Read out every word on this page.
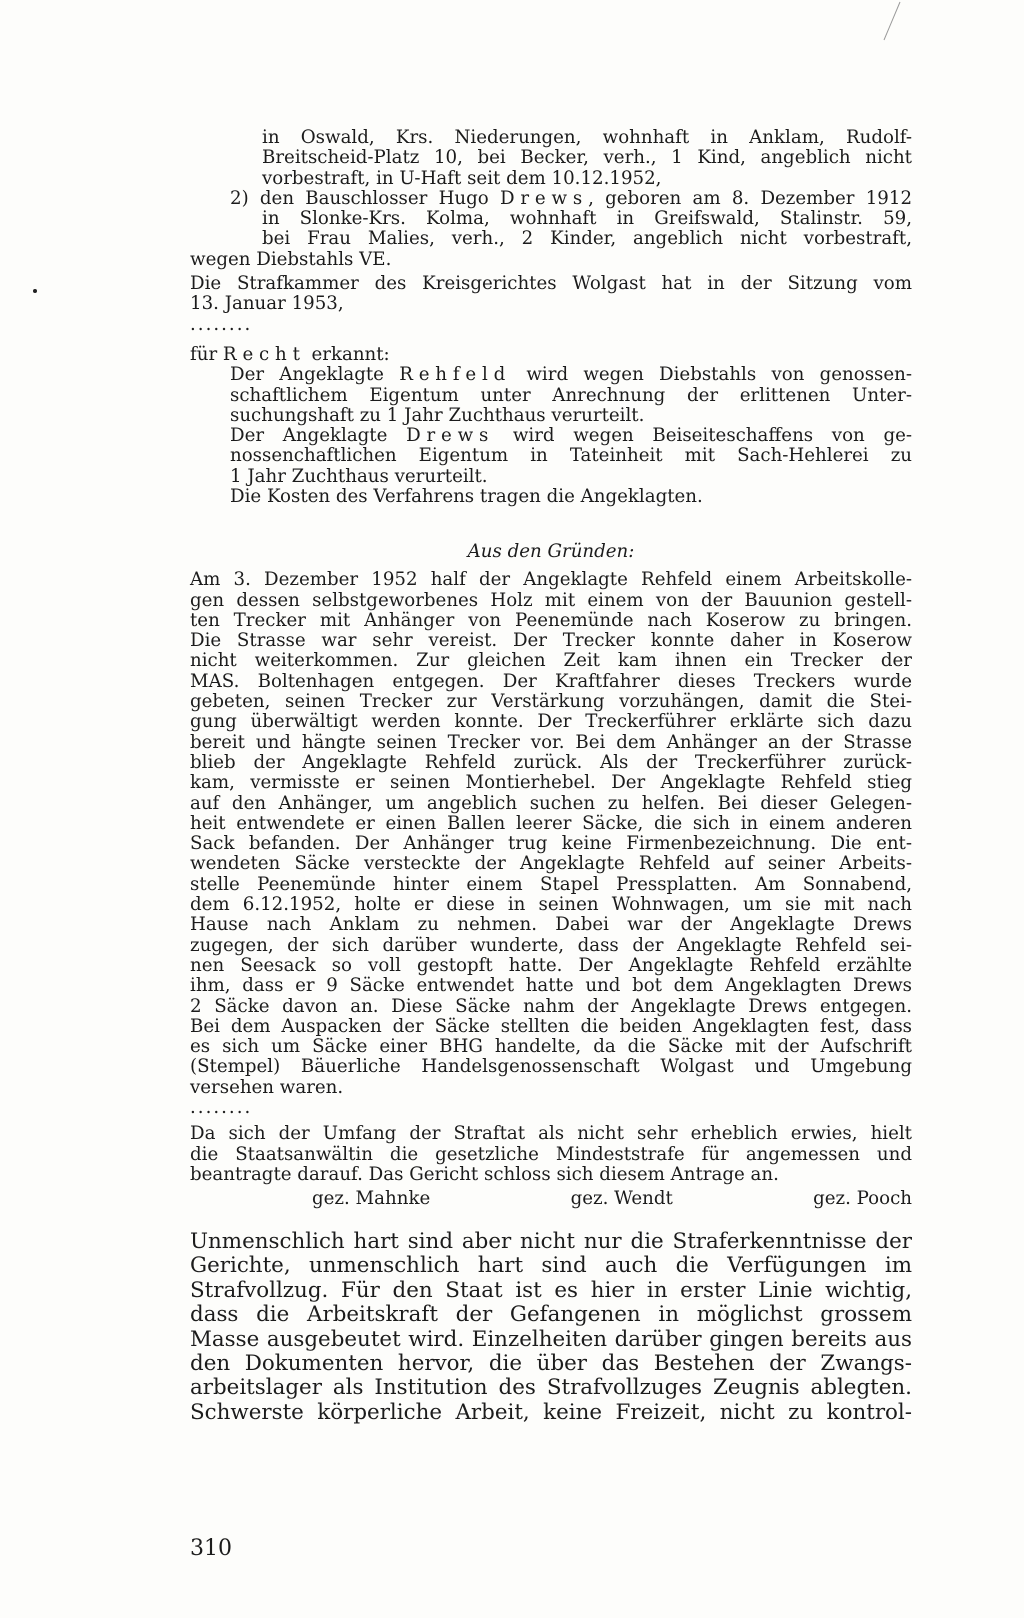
in Oswald, Krs. Niederungen, wohnhaft in Anklam, Rudolf-
Breitscheid-Platz 10, bei Becker, verh., 1 Kind, angeblich nicht
vorbestraft, in U-Haft seit dem 10.12.1952,
2) den Bauschlosser Hugo Drews, geboren am 8. Dezember 1912
in Slonke-Krs. Kolma, wohnhaft in Greifswald, Stalinstr. 59,
bei Frau Malies, verh., 2 Kinder, angeblich nicht vorbestraft,
wegen Diebstahls VE.
Die Strafkammer des Kreisgerichtes Wolgast hat in der Sitzung vom
13. Januar 1953,
........
für Recht erkannt:
Der Angeklagte Rehfeld wird wegen Diebstahls von genossen-
schaftlichem Eigentum unter Anrechnung der erlittenen Unter-
suchungshaft zu 1 Jahr Zuchthaus verurteilt.
Der Angeklagte Drews wird wegen Beiseiteschaffens von ge-
nossenchaftlichen Eigentum in Tateinheit mit Sach-Hehlerei zu
1 Jahr Zuchthaus verurteilt.
Die Kosten des Verfahrens tragen die Angeklagten.

Aus den Gründen:

Am 3. Dezember 1952 half der Angeklagte Rehfeld einem Arbeitskolle-
gen dessen selbstgeworbenes Holz mit einem von der Bauunion gestell-
ten Trecker mit Anhänger von Peenemünde nach Koserow zu bringen.
Die Strasse war sehr vereist. Der Trecker konnte daher in Koserow
nicht weiterkommen. Zur gleichen Zeit kam ihnen ein Trecker der
MAS. Boltenhagen entgegen. Der Kraftfahrer dieses Treckers wurde
gebeten, seinen Trecker zur Verstärkung vorzuhängen, damit die Stei-
gung überwältigt werden konnte. Der Treckerführer erklärte sich dazu
bereit und hängte seinen Trecker vor. Bei dem Anhänger an der Strasse
blieb der Angeklagte Rehfeld zurück. Als der Treckerführer zurück-
kam, vermisste er seinen Montierhebel. Der Angeklagte Rehfeld stieg
auf den Anhänger, um angeblich suchen zu helfen. Bei dieser Gelegen-
heit entwendete er einen Ballen leerer Säcke, die sich in einem anderen
Sack befanden. Der Anhänger trug keine Firmenbezeichnung. Die ent-
wendeten Säcke versteckte der Angeklagte Rehfeld auf seiner Arbeits-
stelle Peenemünde hinter einem Stapel Pressplatten. Am Sonnabend,
dem 6.12.1952, holte er diese in seinen Wohnwagen, um sie mit nach
Hause nach Anklam zu nehmen. Dabei war der Angeklagte Drews
zugegen, der sich darüber wunderte, dass der Angeklagte Rehfeld sei-
nen Seesack so voll gestopft hatte. Der Angeklagte Rehfeld erzählte
ihm, dass er 9 Säcke entwendet hatte und bot dem Angeklagten Drews
2 Säcke davon an. Diese Säcke nahm der Angeklagte Drews entgegen.
Bei dem Auspacken der Säcke stellten die beiden Angeklagten fest, dass
es sich um Säcke einer BHG handelte, da die Säcke mit der Aufschrift
(Stempel) Bäuerliche Handelsgenossenschaft Wolgast und Umgebung
versehen waren.
........
Da sich der Umfang der Straftat als nicht sehr erheblich erwies, hielt
die Staatsanwältin die gesetzliche Mindeststrafe für angemessen und
beantragte darauf. Das Gericht schloss sich diesem Antrage an.
gez. Mahnke	gez. Wendt	gez. Pooch
Unmenschlich hart sind aber nicht nur die Straferkenntnisse der
Gerichte, unmenschlich hart sind auch die Verfügungen im
Strafvollzug. Für den Staat ist es hier in erster Linie wichtig,
dass die Arbeitskraft der Gefangenen in möglichst grossem
Masse ausgebeutet wird. Einzelheiten darüber gingen bereits aus
den Dokumenten hervor, die über das Bestehen der Zwangs-
arbeitslager als Institution des Strafvollzuges Zeugnis ablegten.
Schwerste körperliche Arbeit, keine Freizeit, nicht zu kontrol-
310
